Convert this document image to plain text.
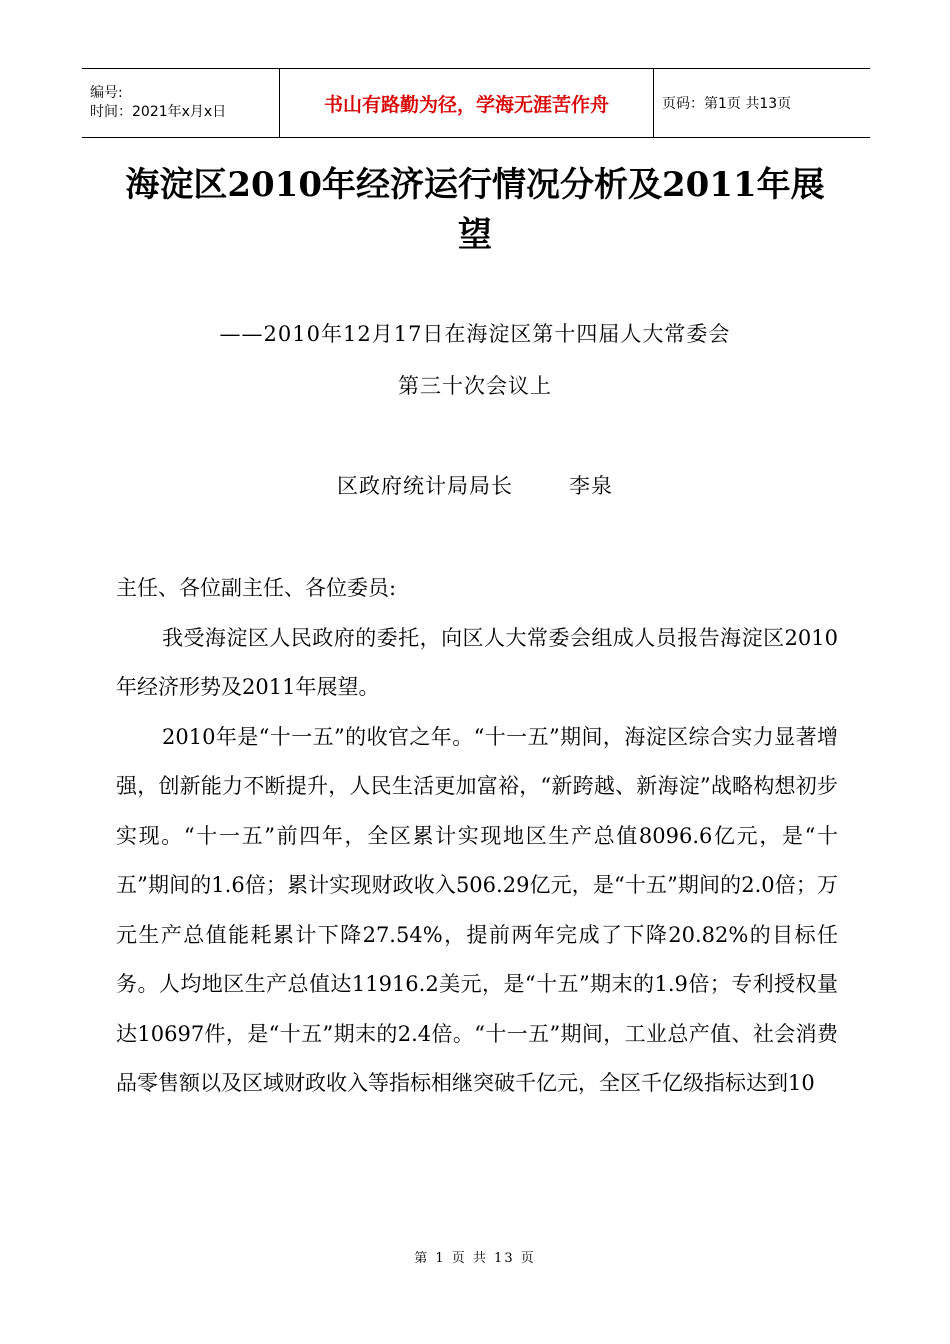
编号:
时间：2021年x月x日	书山有路勤为径，学海无涯苦作舟	页码：第1页 共13页
海淀区2010年经济运行情况分析及2011年展
望
——2010年12月17日在海淀区第十四届人大常委会
第三十次会议上
区政府统计局局长	李泉

主任、各位副主任、各位委员:

我受海淀区人民政府的委托，向区人大常委会组成人员报告海淀区2010年经济形势及2011年展望。

2010年是“十一五”的收官之年。“十一五”期间，海淀区综合实力显著增强，创新能力不断提升，人民生活更加富裕，“新跨越、新海淀”战略构想初步实现。“十一五”前四年，全区累计实现地区生产总值8096.6亿元，是“十五”期间的1.6倍；累计实现财政收入506.29亿元，是“十五”期间的2.0倍；万元生产总值能耗累计下降27.54%，提前两年完成了下降20.82%的目标任务。人均地区生产总值达11916.2美元，是“十五”期末的1.9倍；专利授权量达10697件，是“十五”期末的2.4倍。“十一五”期间，工业总产值、社会消费品零售额以及区域财政收入等指标相继突破千亿元，全区千亿级指标达到10

第 1 页 共 13 页
